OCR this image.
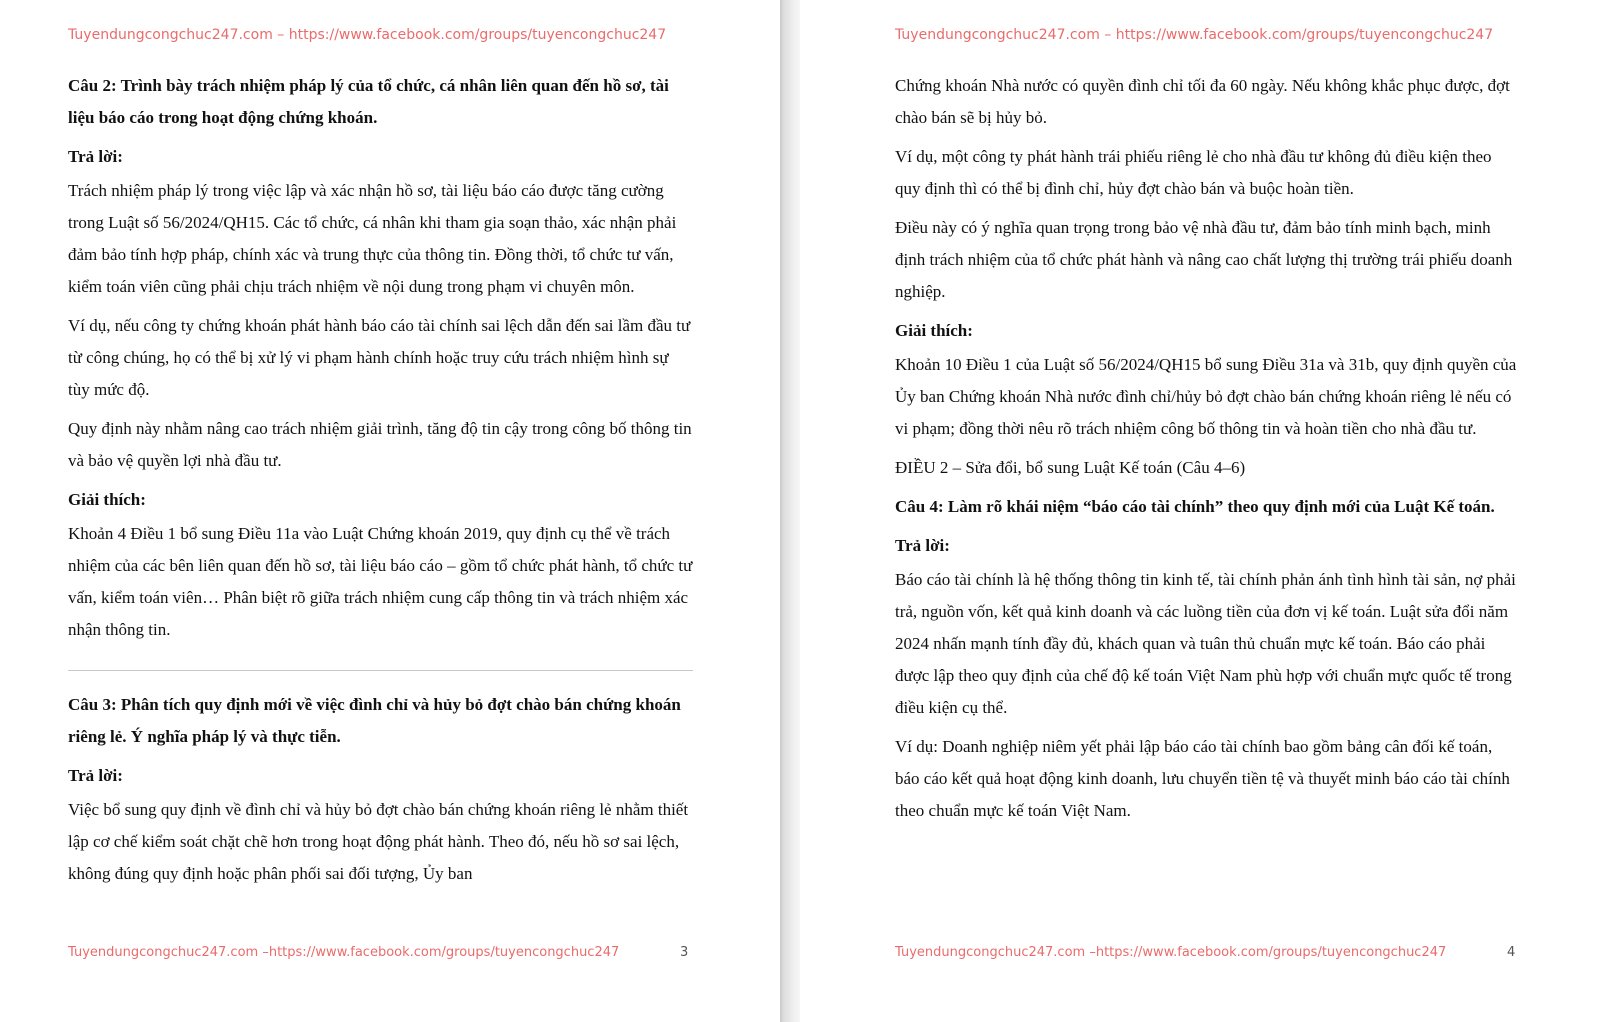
Tuyendungcongchuc247.com – https://www.facebook.com/groups/tuyencongchuc247

Câu 2: Trình bày trách nhiệm pháp lý của tổ chức, cá nhân liên quan đến hồ sơ, tài liệu báo cáo trong hoạt động chứng khoán.

Trả lời:

Trách nhiệm pháp lý trong việc lập và xác nhận hồ sơ, tài liệu báo cáo được tăng cường trong Luật số 56/2024/QH15. Các tổ chức, cá nhân khi tham gia soạn thảo, xác nhận phải đảm bảo tính hợp pháp, chính xác và trung thực của thông tin. Đồng thời, tổ chức tư vấn, kiểm toán viên cũng phải chịu trách nhiệm về nội dung trong phạm vi chuyên môn.

Ví dụ, nếu công ty chứng khoán phát hành báo cáo tài chính sai lệch dẫn đến sai lầm đầu tư từ công chúng, họ có thể bị xử lý vi phạm hành chính hoặc truy cứu trách nhiệm hình sự tùy mức độ.

Quy định này nhằm nâng cao trách nhiệm giải trình, tăng độ tin cậy trong công bố thông tin và bảo vệ quyền lợi nhà đầu tư.

Giải thích:

Khoản 4 Điều 1 bổ sung Điều 11a vào Luật Chứng khoán 2019, quy định cụ thể về trách nhiệm của các bên liên quan đến hồ sơ, tài liệu báo cáo – gồm tổ chức phát hành, tổ chức tư vấn, kiểm toán viên… Phân biệt rõ giữa trách nhiệm cung cấp thông tin và trách nhiệm xác nhận thông tin.

Câu 3: Phân tích quy định mới về việc đình chỉ và hủy bỏ đợt chào bán chứng khoán riêng lẻ. Ý nghĩa pháp lý và thực tiễn.

Trả lời:

Việc bổ sung quy định về đình chỉ và hủy bỏ đợt chào bán chứng khoán riêng lẻ nhằm thiết lập cơ chế kiểm soát chặt chẽ hơn trong hoạt động phát hành. Theo đó, nếu hồ sơ sai lệch, không đúng quy định hoặc phân phối sai đối tượng, Ủy ban

Tuyendungcongchuc247.com –https://www.facebook.com/groups/tuyencongchuc247	3
Tuyendungcongchuc247.com – https://www.facebook.com/groups/tuyencongchuc247

Chứng khoán Nhà nước có quyền đình chỉ tối đa 60 ngày. Nếu không khắc phục được, đợt chào bán sẽ bị hủy bỏ.

Ví dụ, một công ty phát hành trái phiếu riêng lẻ cho nhà đầu tư không đủ điều kiện theo quy định thì có thể bị đình chỉ, hủy đợt chào bán và buộc hoàn tiền.

Điều này có ý nghĩa quan trọng trong bảo vệ nhà đầu tư, đảm bảo tính minh bạch, minh định trách nhiệm của tổ chức phát hành và nâng cao chất lượng thị trường trái phiếu doanh nghiệp.

Giải thích:

Khoản 10 Điều 1 của Luật số 56/2024/QH15 bổ sung Điều 31a và 31b, quy định quyền của Ủy ban Chứng khoán Nhà nước đình chỉ/hủy bỏ đợt chào bán chứng khoán riêng lẻ nếu có vi phạm; đồng thời nêu rõ trách nhiệm công bố thông tin và hoàn tiền cho nhà đầu tư.

ĐIỀU 2 – Sửa đổi, bổ sung Luật Kế toán (Câu 4–6)

Câu 4: Làm rõ khái niệm “báo cáo tài chính” theo quy định mới của Luật Kế toán.

Trả lời:

Báo cáo tài chính là hệ thống thông tin kinh tế, tài chính phản ánh tình hình tài sản, nợ phải trả, nguồn vốn, kết quả kinh doanh và các luồng tiền của đơn vị kế toán. Luật sửa đổi năm 2024 nhấn mạnh tính đầy đủ, khách quan và tuân thủ chuẩn mực kế toán. Báo cáo phải được lập theo quy định của chế độ kế toán Việt Nam phù hợp với chuẩn mực quốc tế trong điều kiện cụ thể.

Ví dụ: Doanh nghiệp niêm yết phải lập báo cáo tài chính bao gồm bảng cân đối kế toán, báo cáo kết quả hoạt động kinh doanh, lưu chuyển tiền tệ và thuyết minh báo cáo tài chính theo chuẩn mực kế toán Việt Nam.

Tuyendungcongchuc247.com –https://www.facebook.com/groups/tuyencongchuc247	4
